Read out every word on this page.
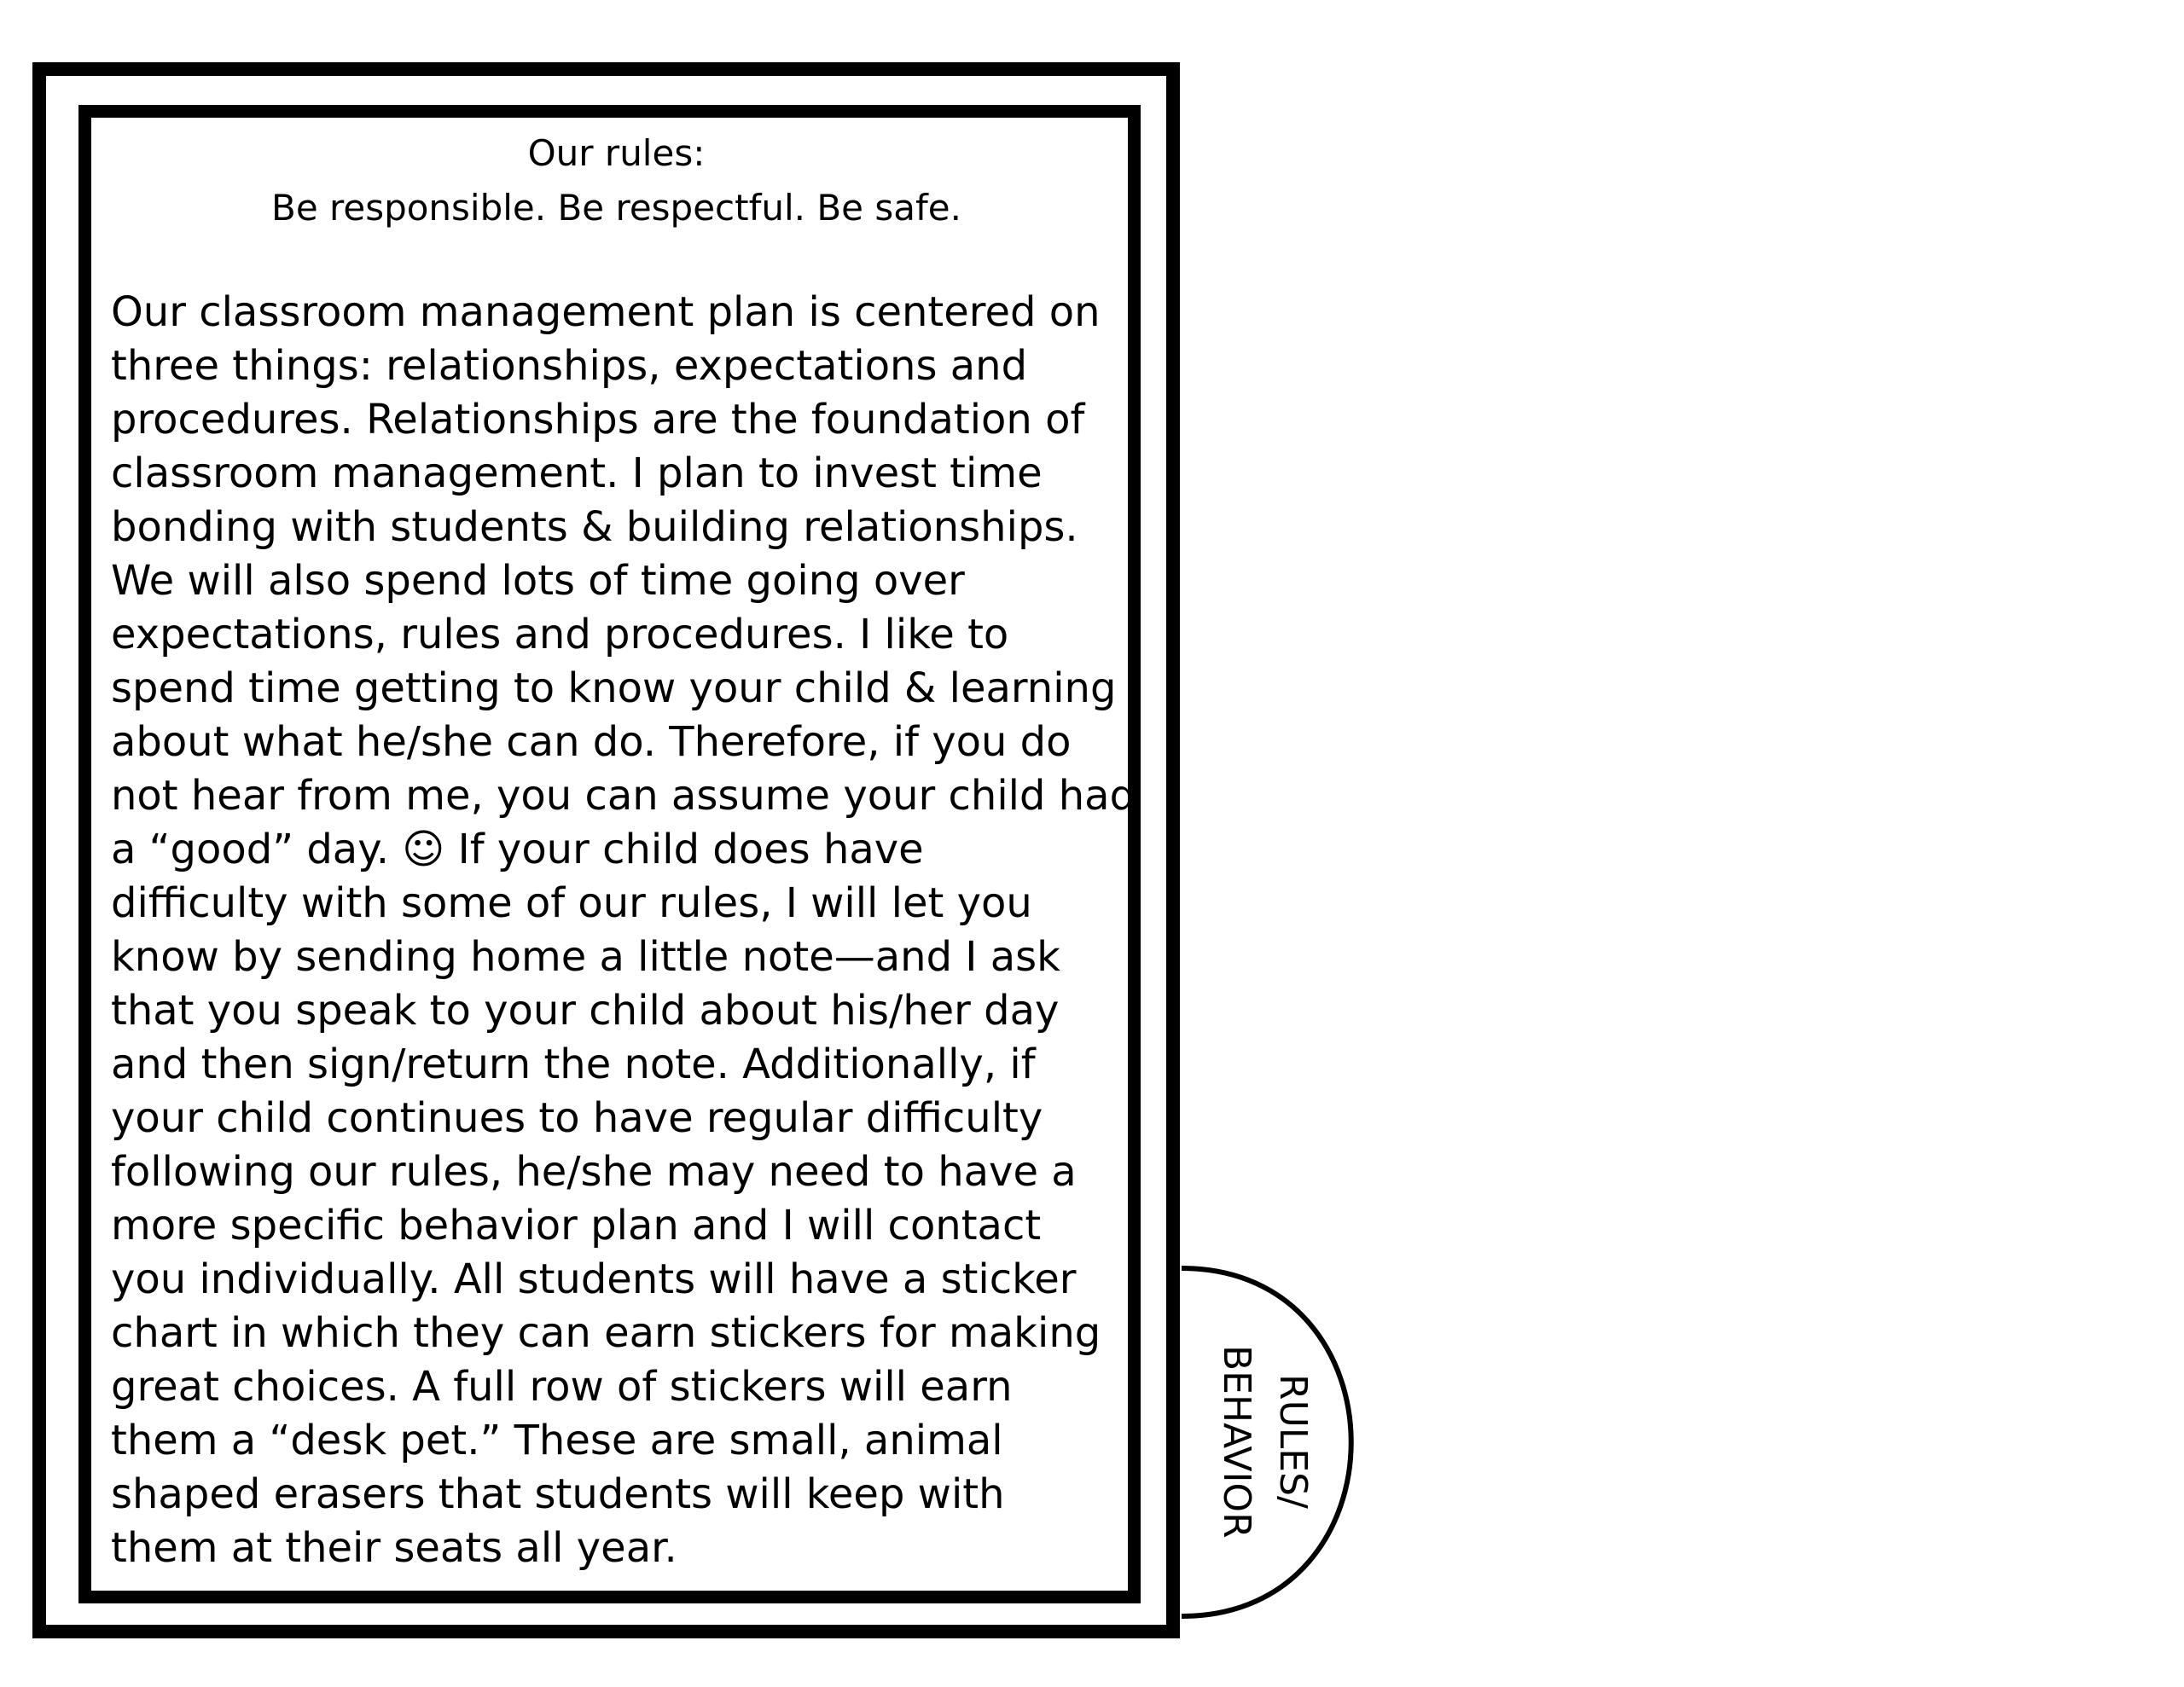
Our rules:
Be responsible. Be respectful. Be safe.
Our classroom management plan is centered on
three things: relationships, expectations and
procedures. Relationships are the foundation of
classroom management. I plan to invest time
bonding with students & building relationships.
We will also spend lots of time going over
expectations, rules and procedures. I like to
spend time getting to know your child & learning
about what he/she can do. Therefore, if you do
not hear from me, you can assume your child had
a “good” day. ☺ If your child does have
difficulty with some of our rules, I will let you
know by sending home a little note—and I ask
that you speak to your child about his/her day
and then sign/return the note. Additionally, if
your child continues to have regular difficulty
following our rules, he/she may need to have a
more specific behavior plan and I will contact
you individually. All students will have a sticker
chart in which they can earn stickers for making
great choices. A full row of stickers will earn
them a “desk pet.” These are small, animal
shaped erasers that students will keep with
them at their seats all year.
RULES/
BEHAVIOR
